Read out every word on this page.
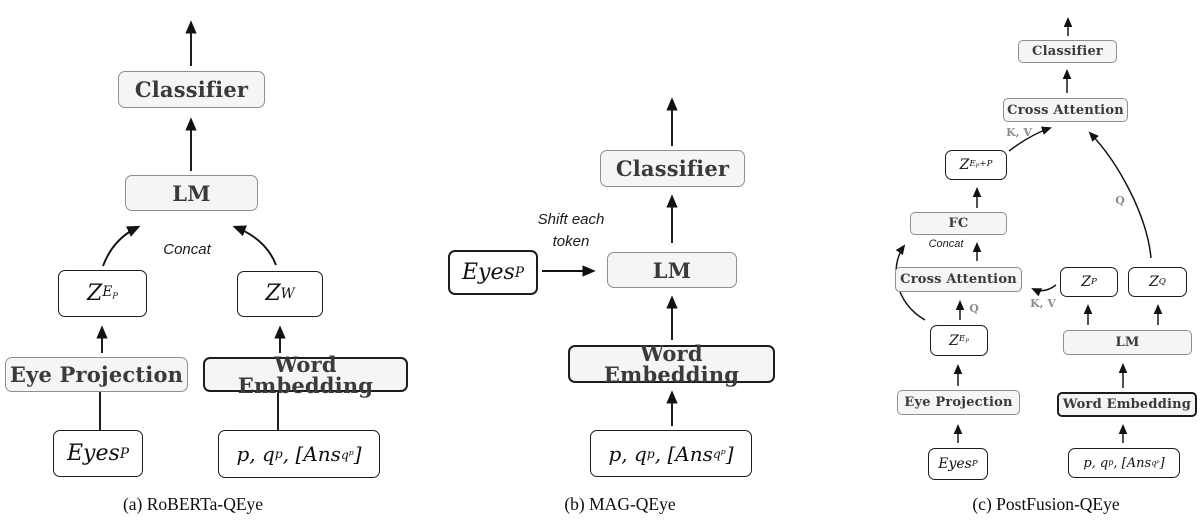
Classifier
LM
Concat
Z $E_P$	Z W
Eye Projection	Word Embedding
Eyes P	p, q p , [Ans $q^p$ ]
(a) RoBERTa-QEye
Classifier
Shift each
token
Eyes P	LM
Word Embedding
p, q p , [Ans $q^p$ ]
(b) MAG-QEye
Classifier
Cross Attention
K, V
Q
Z $E_P+P$
FC
Concat
Cross Attention
Q	K, V
Z P	Z Q
Z $E_P$	LM
Eye Projection	Word Embedding
Eyes P	p, q p , [Ans $q^p$ ]
(c) PostFusion-QEye
